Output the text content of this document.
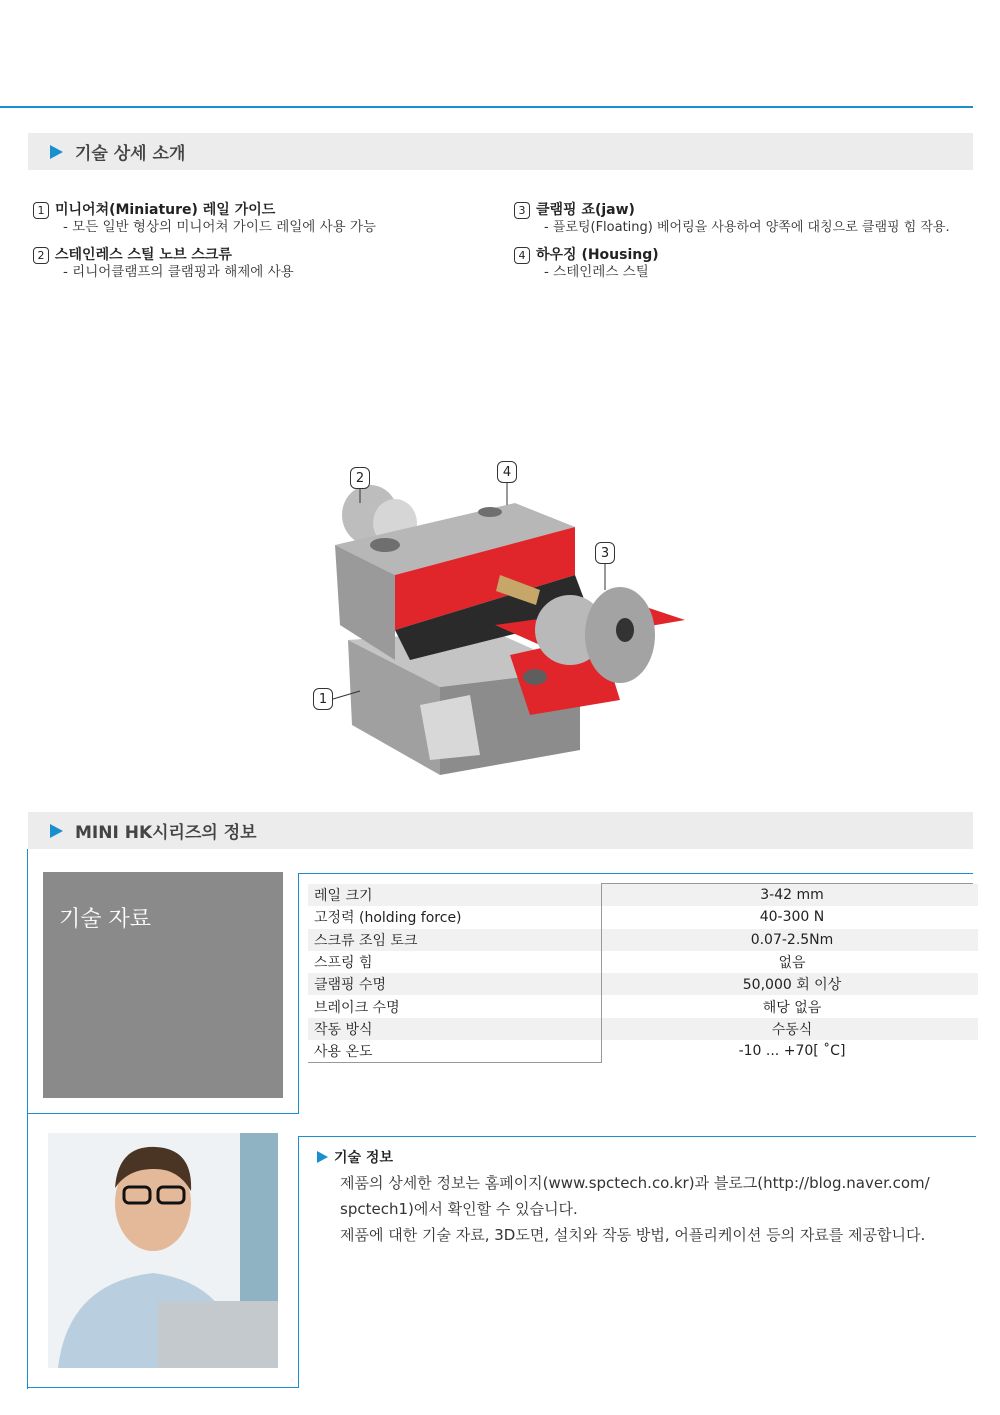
기술 상세 소개
1 미니어쳐(Miniature) 레일 가이드
- 모든 일반 형상의 미니어쳐 가이드 레일에 사용 가능
2 스테인레스 스틸 노브 스크류
- 리니어클램프의 클램핑과 해제에 사용
3 클램핑 죠(jaw)
- 플로팅(Floating) 베어링을 사용하여 양쪽에 대칭으로 클램핑 힘 작용.
4 하우징 (Housing)
- 스테인레스 스틸
2	4
3
1
MINI HK시리즈의 정보
기술 자료
레일 크기	3-42 mm
고정력 (holding force)	40-300 N
스크류 조임 토크	0.07-2.5Nm
스프링 힘	없음
클램핑 수명	50,000 회 이상
브레이크 수명	해당 없음
작동 방식	수동식
사용 온도	-10 ... +70[ ˚C]
기술 정보
제품의 상세한 정보는 홈페이지(www.spctech.co.kr)과 블로그(http://blog.naver.com/
spctech1)에서 확인할 수 있습니다.
제품에 대한 기술 자료, 3D도면, 설치와 작동 방법, 어플리케이션 등의 자료를 제공합니다.
